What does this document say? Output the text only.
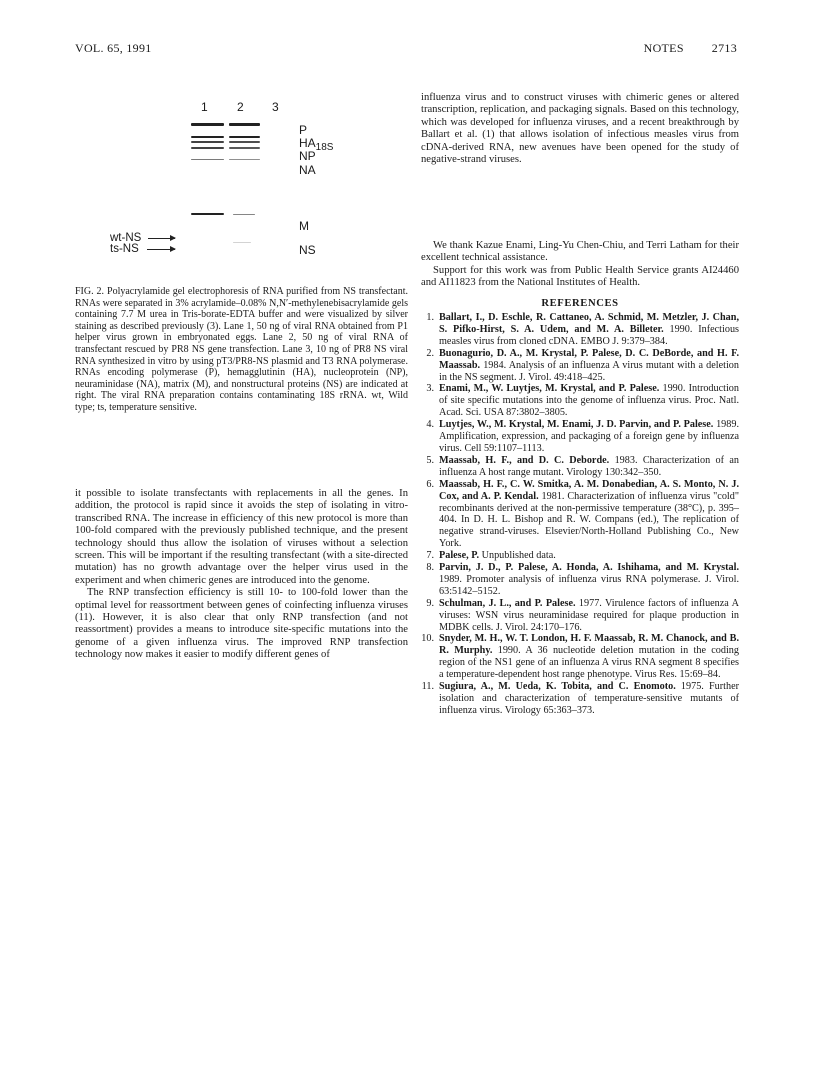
VOL. 65, 1991	NOTES 2713
1 2 3
P
$HA_{18S}$
NP
NA
M
NS
wt-NS
ts-NS

FIG. 2. Polyacrylamide gel electrophoresis of RNA purified from NS transfectant. RNAs were separated in 3% acrylamide–0.08% N,N′-methylenebisacrylamide gels containing 7.7 M urea in Tris-borate-EDTA buffer and were visualized by silver staining as described previously (3). Lane 1, 50 ng of viral RNA obtained from P1 helper virus grown in embryonated eggs. Lane 2, 50 ng of viral RNA of transfectant rescued by PR8 NS gene transfection. Lane 3, 10 ng of PR8 NS viral RNA synthesized in vitro by using pT3/PR8-NS plasmid and T3 RNA polymerase. RNAs encoding polymerase (P), hemagglutinin (HA), nucleoprotein (NP), neuraminidase (NA), matrix (M), and nonstructural proteins (NS) are indicated at right. The viral RNA preparation contains contaminating 18S rRNA. wt, Wild type; ts, temperature sensitive.

it possible to isolate transfectants with replacements in all the genes. In addition, the protocol is rapid since it avoids the step of isolating in vitro-transcribed RNA. The increase in efficiency of this new protocol is more than 100-fold compared with the previously published technique, and the present technology should thus allow the isolation of viruses without a selection screen. This will be important if the resulting transfectant (with a site-directed mutation) has no growth advantage over the helper virus used in the experiment and when chimeric genes are introduced into the genome.

The RNP transfection efficiency is still 10- to 100-fold lower than the optimal level for reassortment between genes of coinfecting influenza viruses (11). However, it is also clear that only RNP transfection (and not reassortment) provides a means to introduce site-specific mutations into the genome of a given influenza virus. The improved RNP transfection technology now makes it easier to modify different genes of

influenza virus and to construct viruses with chimeric genes or altered transcription, replication, and packaging signals. Based on this technology, which was developed for influenza viruses, and a recent breakthrough by Ballart et al. (1) that allows isolation of infectious measles virus from cDNA-derived RNA, new avenues have been opened for the study of negative-strand viruses.

We thank Kazue Enami, Ling-Yu Chen-Chiu, and Terri Latham for their excellent technical assistance.

Support for this work was from Public Health Service grants AI24460 and AI11823 from the National Institutes of Health.

REFERENCES
1. Ballart, I., D. Eschle, R. Cattaneo, A. Schmid, M. Metzler, J. Chan, S. Pifko-Hirst, S. A. Udem, and M. A. Billeter. 1990. Infectious measles virus from cloned cDNA. EMBO J. 9:379–384.
2. Buonagurio, D. A., M. Krystal, P. Palese, D. C. DeBorde, and H. F. Maassab. 1984. Analysis of an influenza A virus mutant with a deletion in the NS segment. J. Virol. 49:418–425.
3. Enami, M., W. Luytjes, M. Krystal, and P. Palese. 1990. Introduction of site specific mutations into the genome of influenza virus. Proc. Natl. Acad. Sci. USA 87:3802–3805.
4. Luytjes, W., M. Krystal, M. Enami, J. D. Parvin, and P. Palese. 1989. Amplification, expression, and packaging of a foreign gene by influenza virus. Cell 59:1107–1113.
5. Maassab, H. F., and D. C. Deborde. 1983. Characterization of an influenza A host range mutant. Virology 130:342–350.
6. Maassab, H. F., C. W. Smitka, A. M. Donabedian, A. S. Monto, N. J. Cox, and A. P. Kendal. 1981. Characterization of influenza virus "cold" recombinants derived at the non-permissive temperature (38°C), p. 395–404. In D. H. L. Bishop and R. W. Compans (ed.), The replication of negative strand-viruses. Elsevier/North-Holland Publishing Co., New York.
7. Palese, P. Unpublished data.
8. Parvin, J. D., P. Palese, A. Honda, A. Ishihama, and M. Krystal. 1989. Promoter analysis of influenza virus RNA polymerase. J. Virol. 63:5142–5152.
9. Schulman, J. L., and P. Palese. 1977. Virulence factors of influenza A viruses: WSN virus neuraminidase required for plaque production in MDBK cells. J. Virol. 24:170–176.
10. Snyder, M. H., W. T. London, H. F. Maassab, R. M. Chanock, and B. R. Murphy. 1990. A 36 nucleotide deletion mutation in the coding region of the NS1 gene of an influenza A virus RNA segment 8 specifies a temperature-dependent host range phenotype. Virus Res. 15:69–84.
11. Sugiura, A., M. Ueda, K. Tobita, and C. Enomoto. 1975. Further isolation and characterization of temperature-sensitive mutants of influenza virus. Virology 65:363–373.
